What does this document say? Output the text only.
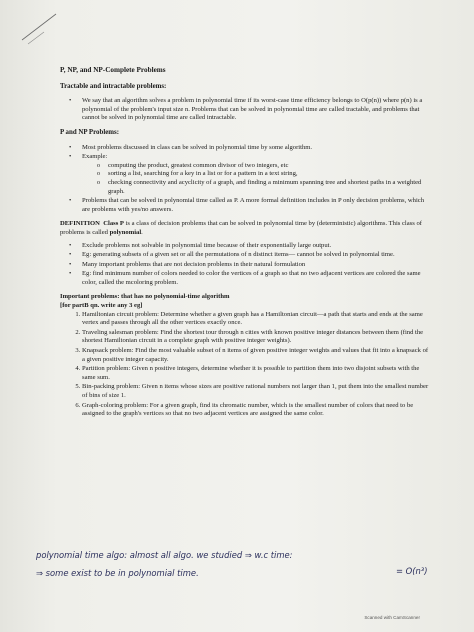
P, NP, and NP-Complete Problems
Tractable and intractable problems:
• We say that an algorithm solves a problem in polynomial time if its worst-case time efficiency belongs to O(p(n)) where p(n) is a polynomial of the problem's input size n. Problems that can be solved in polynomial time are called tractable, and problems that cannot be solved in polynomial time are called intractable.
P and NP Problems:
• Most problems discussed in class can be solved in polynomial time by some algorithm.
• Example:
o computing the product, greatest common divisor of two integers, etc
o sorting a list, searching for a key in a list or for a pattern in a text string,
o checking connectivity and acyclicity of a graph, and finding a minimum spanning tree and shortest paths in a weighted graph.
• Problems that can be solved in polynomial time called as P. A more formal definition includes in P only decision problems, which are problems with yes/no answers.

DEFINITION Class P is a class of decision problems that can be solved in polynomial time by (deterministic) algorithms. This class of problems is called polynomial.

• Exclude problems not solvable in polynomial time because of their exponentially large output.
• Eg: generating subsets of a given set or all the permutations of n distinct items— cannot be solved in polynomial time.
• Many important problems that are not decision problems in their natural formulation
• Eg: find minimum number of colors needed to color the vertices of a graph so that no two adjacent vertices are colored the same color, called the mcoloring problem.

Important problems: that has no polynomial-time algorithm

[for partB qn. write any 3 eg]

1. Hamiltonian circuit problem: Determine whether a given graph has a Hamiltonian circuit—a path that starts and ends at the same vertex and passes through all the other vertices exactly once.
2. Traveling salesman problem: Find the shortest tour through n cities with known positive integer distances between them (find the shortest Hamiltonian circuit in a complete graph with positive integer weights).
3. Knapsack problem: Find the most valuable subset of n items of given positive integer weights and values that fit into a knapsack of a given positive integer capacity.
4. Partition problem: Given n positive integers, determine whether it is possible to partition them into two disjoint subsets with the same sum.
5. Bin-packing problem: Given n items whose sizes are positive rational numbers not larger than 1, put them into the smallest number of bins of size 1.
6. Graph-coloring problem: For a given graph, find its chromatic number, which is the smallest number of colors that need to be assigned to the graph's vertices so that no two adjacent vertices are assigned the same color.
polynomial time algo: almost all algo. we studied ⇒ w.c time:
⇒ some exist to be in polynomial time.	= O(n³)
Scanned with CamScanner
